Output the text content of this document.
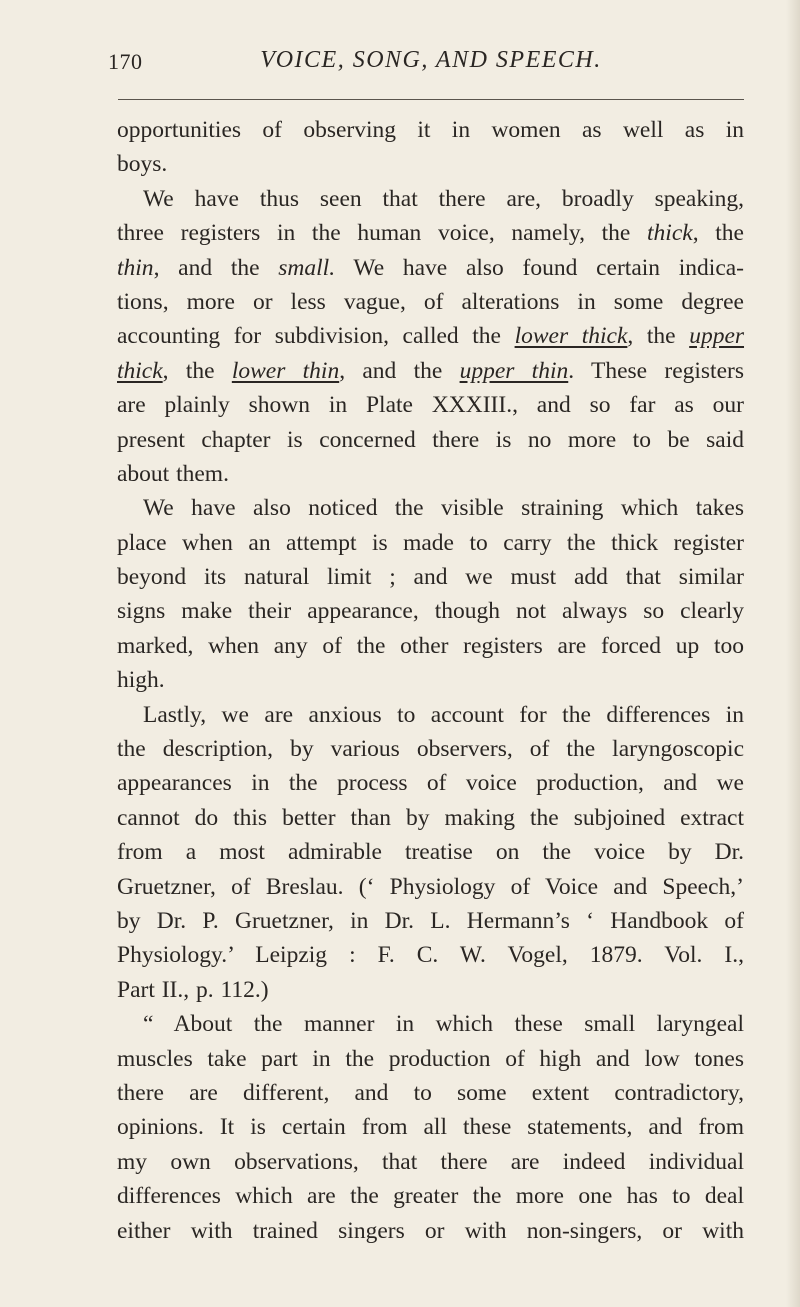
170	VOICE, SONG, AND SPEECH.
opportunities of observing it in women as well as in
boys.
We have thus seen that there are, broadly speaking,
three registers in the human voice, namely, the thick, the
thin, and the small. We have also found certain indica-
tions, more or less vague, of alterations in some degree
accounting for subdivision, called the lower thick, the upper
thick, the lower thin, and the upper thin. These registers
are plainly shown in Plate XXXIII., and so far as our
present chapter is concerned there is no more to be said
about them.
We have also noticed the visible straining which takes
place when an attempt is made to carry the thick register
beyond its natural limit ; and we must add that similar
signs make their appearance, though not always so clearly
marked, when any of the other registers are forced up too
high.
Lastly, we are anxious to account for the differences in
the description, by various observers, of the laryngoscopic
appearances in the process of voice production, and we
cannot do this better than by making the subjoined extract
from a most admirable treatise on the voice by Dr.
Gruetzner, of Breslau. (‘ Physiology of Voice and Speech,’
by Dr. P. Gruetzner, in Dr. L. Hermann’s ‘ Handbook of
Physiology.’ Leipzig : F. C. W. Vogel, 1879. Vol. I.,
Part II., p. 112.)
“ About the manner in which these small laryngeal
muscles take part in the production of high and low tones
there are different, and to some extent contradictory,
opinions. It is certain from all these statements, and from
my own observations, that there are indeed individual
differences which are the greater the more one has to deal
either with trained singers or with non-singers, or with
